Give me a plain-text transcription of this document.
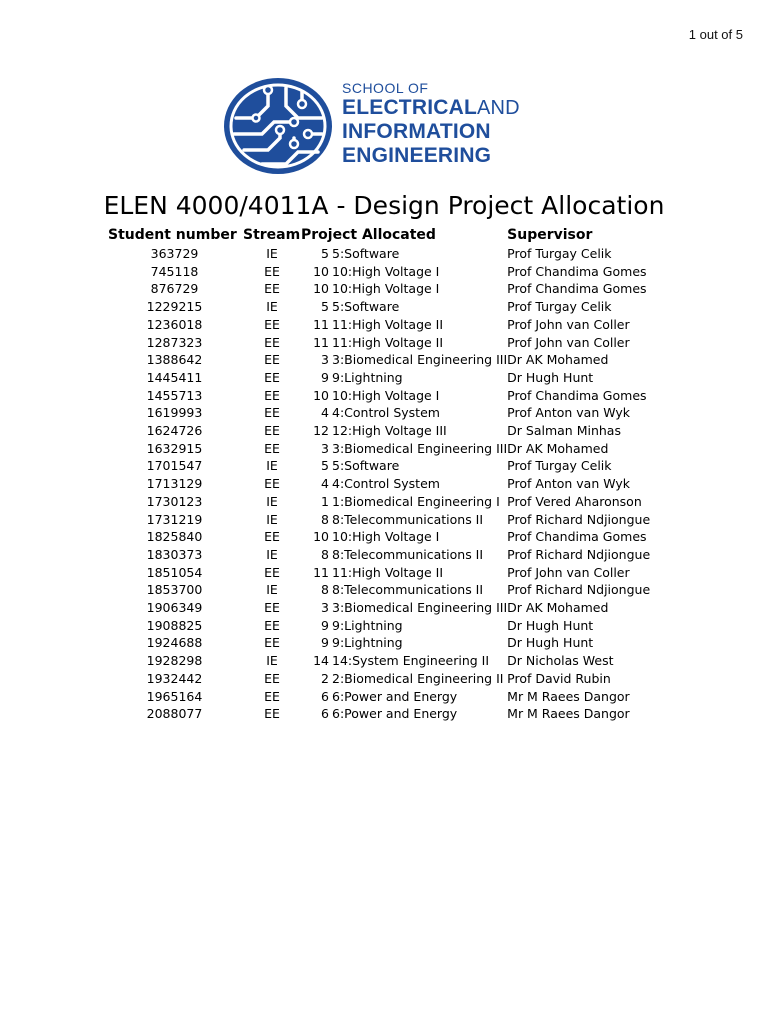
1 out of 5
SCHOOL OF
ELECTRICALAND
INFORMATION
ENGINEERING
ELEN 4000/4011A - Design Project Allocation
Student number	Stream	Project Allocated		Supervisor
363729	IE	5	5:Software	Prof Turgay Celik
745118	EE	10	10:High Voltage I	Prof Chandima Gomes
876729	EE	10	10:High Voltage I	Prof Chandima Gomes
1229215	IE	5	5:Software	Prof Turgay Celik
1236018	EE	11	11:High Voltage II	Prof John van Coller
1287323	EE	11	11:High Voltage II	Prof John van Coller
1388642	EE	3	3:Biomedical Engineering III	Dr AK Mohamed
1445411	EE	9	9:Lightning	Dr Hugh Hunt
1455713	EE	10	10:High Voltage I	Prof Chandima Gomes
1619993	EE	4	4:Control System	Prof Anton van Wyk
1624726	EE	12	12:High Voltage III	Dr Salman Minhas
1632915	EE	3	3:Biomedical Engineering III	Dr AK Mohamed
1701547	IE	5	5:Software	Prof Turgay Celik
1713129	EE	4	4:Control System	Prof Anton van Wyk
1730123	IE	1	1:Biomedical Engineering I	Prof Vered Aharonson
1731219	IE	8	8:Telecommunications II	Prof Richard Ndjiongue
1825840	EE	10	10:High Voltage I	Prof Chandima Gomes
1830373	IE	8	8:Telecommunications II	Prof Richard Ndjiongue
1851054	EE	11	11:High Voltage II	Prof John van Coller
1853700	IE	8	8:Telecommunications II	Prof Richard Ndjiongue
1906349	EE	3	3:Biomedical Engineering III	Dr AK Mohamed
1908825	EE	9	9:Lightning	Dr Hugh Hunt
1924688	EE	9	9:Lightning	Dr Hugh Hunt
1928298	IE	14	14:System Engineering II	Dr Nicholas West
1932442	EE	2	2:Biomedical Engineering II	Prof David Rubin
1965164	EE	6	6:Power and Energy	Mr M Raees Dangor
2088077	EE	6	6:Power and Energy	Mr M Raees Dangor
